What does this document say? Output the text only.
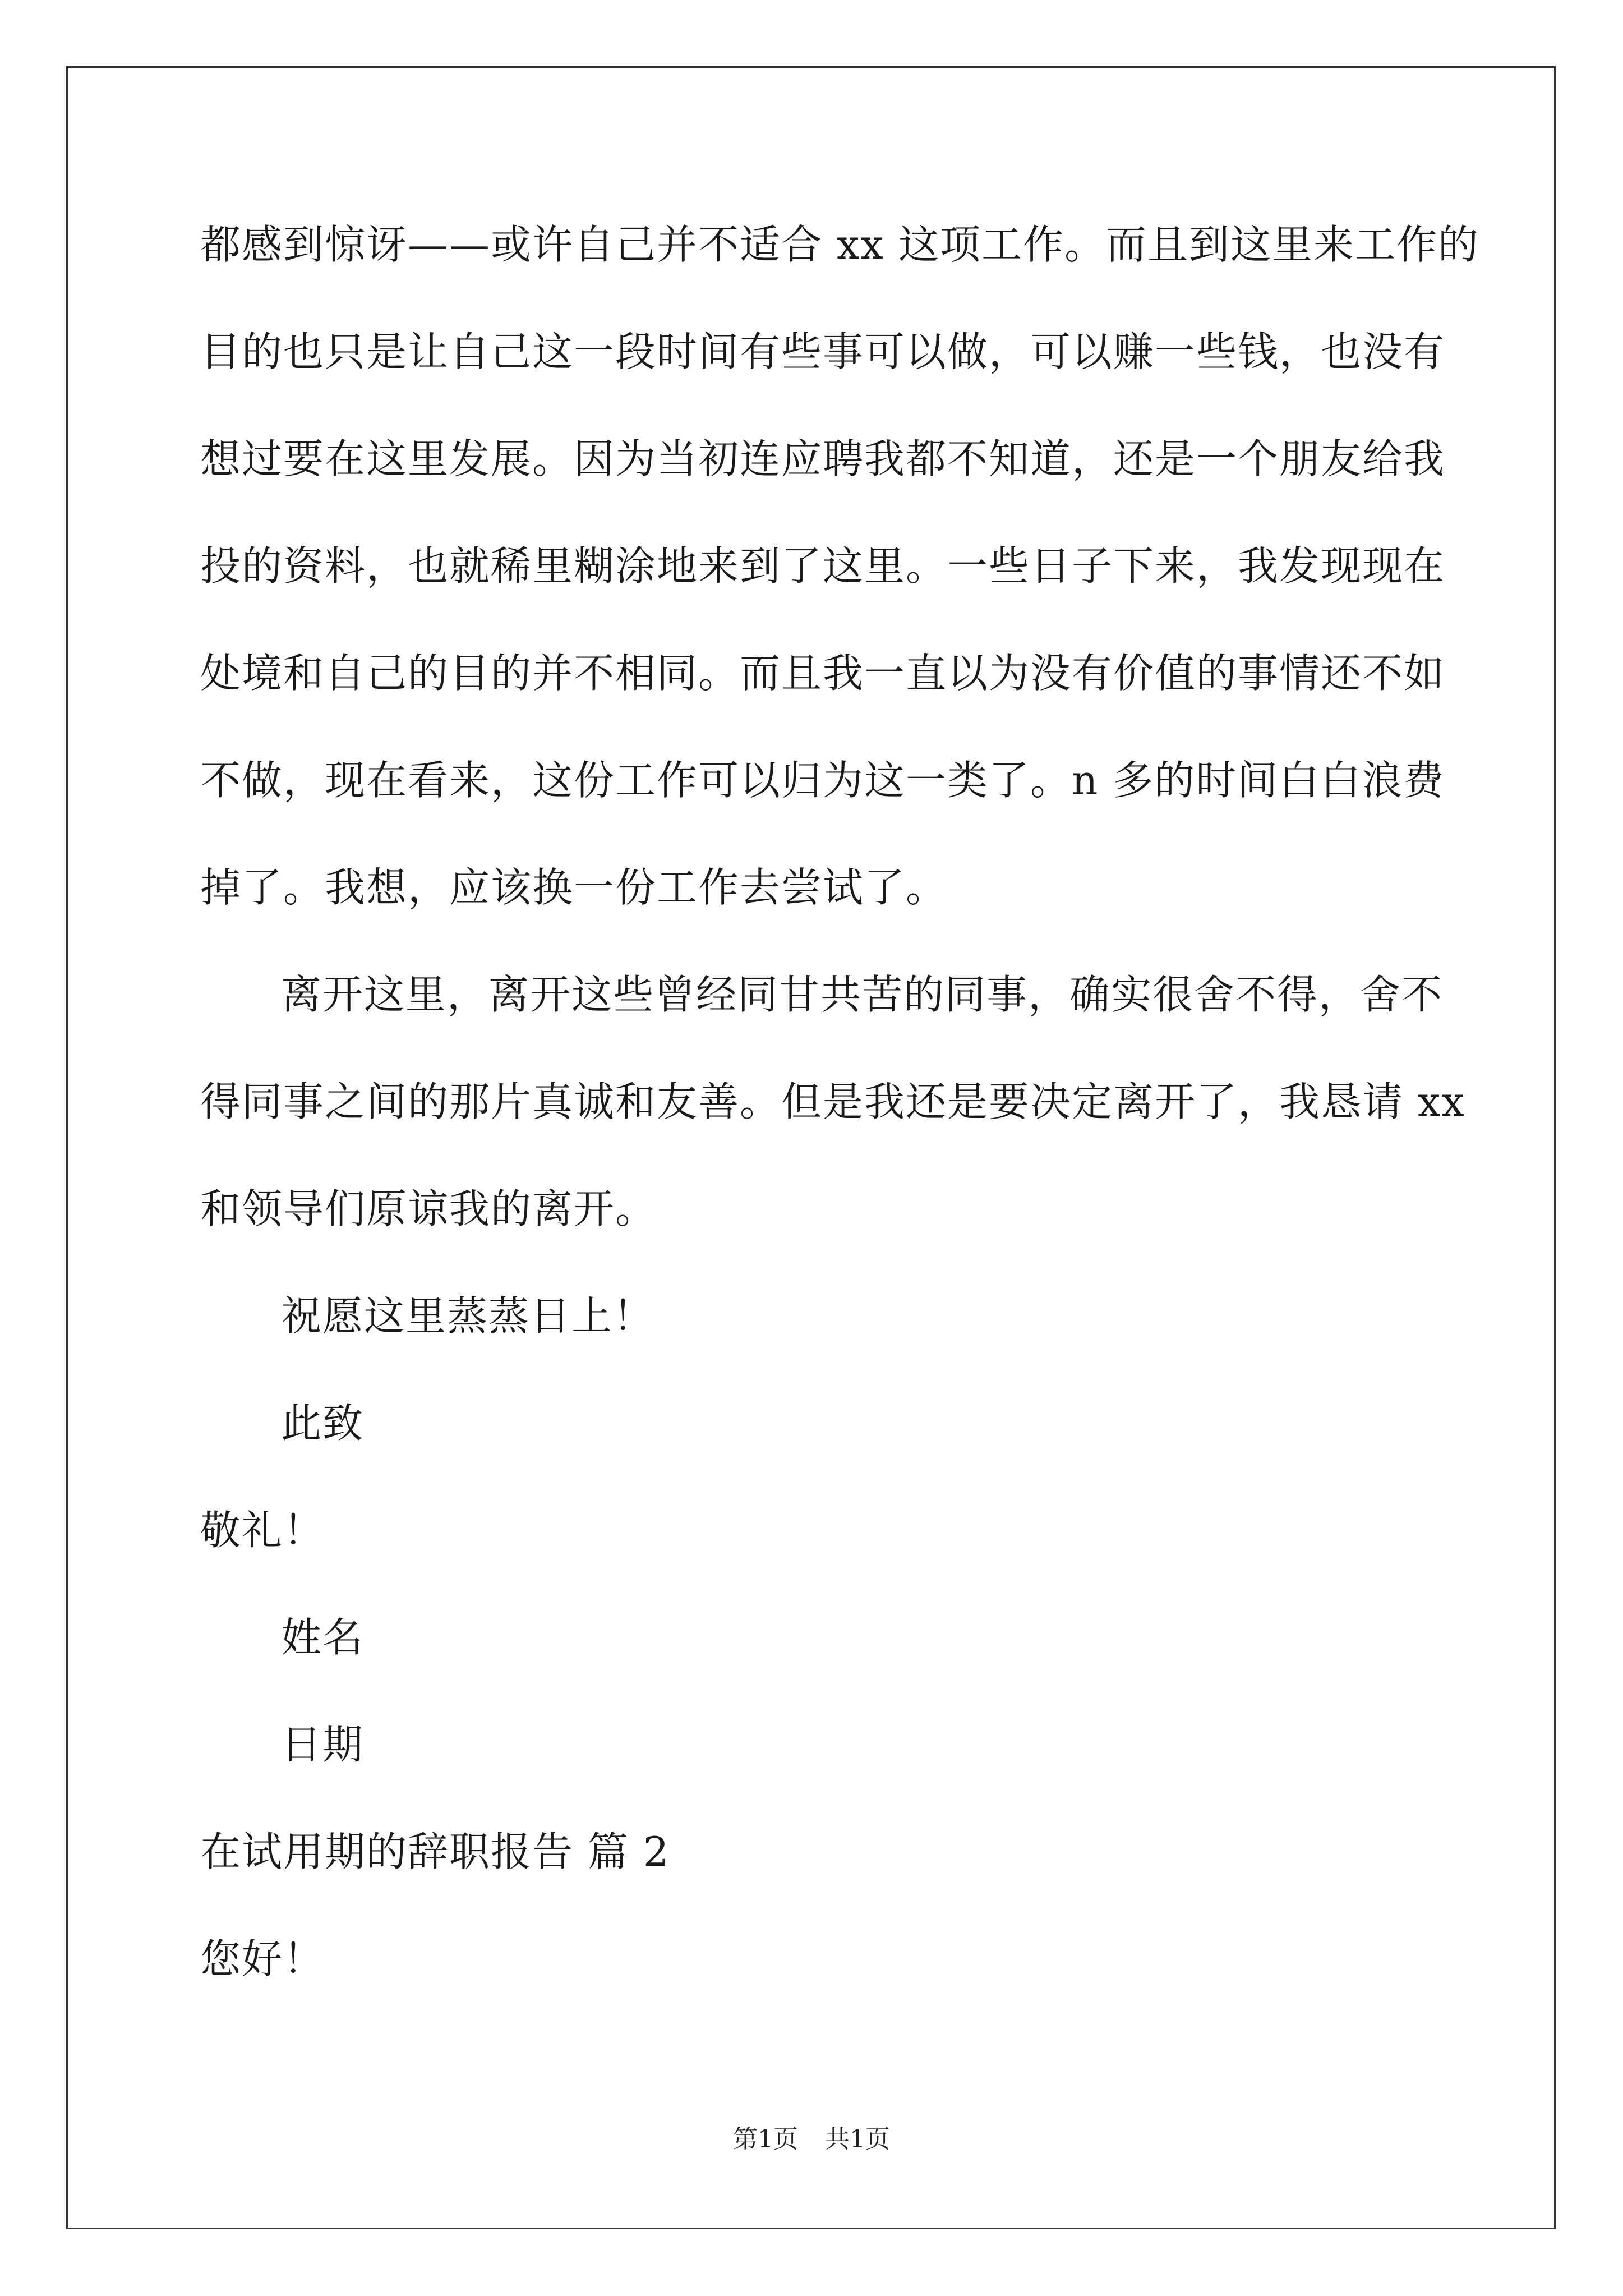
都感到惊讶——或许自己并不适合 xx 这项工作。而且到这里来工作的
目的也只是让自己这一段时间有些事可以做，可以赚一些钱，也没有
想过要在这里发展。因为当初连应聘我都不知道，还是一个朋友给我
投的资料，也就稀里糊涂地来到了这里。一些日子下来，我发现现在
处境和自己的目的并不相同。而且我一直以为没有价值的事情还不如
不做，现在看来，这份工作可以归为这一类了。n 多的时间白白浪费
掉了。我想，应该换一份工作去尝试了。
离开这里，离开这些曾经同甘共苦的同事，确实很舍不得，舍不
得同事之间的那片真诚和友善。但是我还是要决定离开了，我恳请 xx
和领导们原谅我的离开。
祝愿这里蒸蒸日上！
此致
敬礼！
姓名
日期
在试用期的辞职报告 篇 2
您好！
第1页 共1页
